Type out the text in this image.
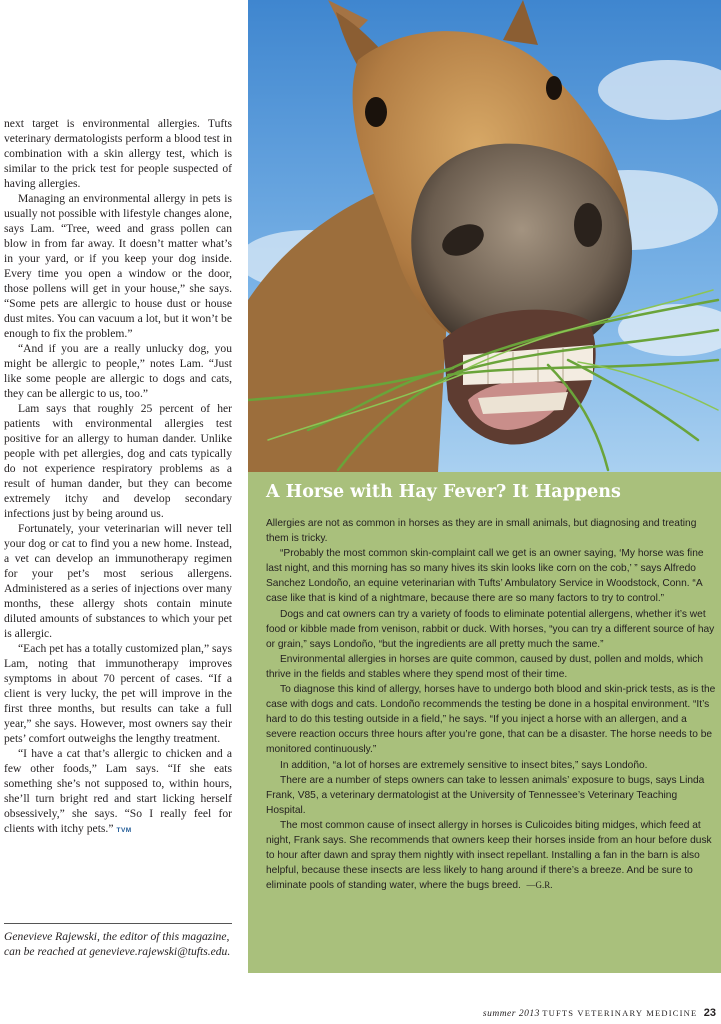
next target is environmental allergies. Tufts veterinary dermatologists perform a blood test in combination with a skin allergy test, which is similar to the prick test for people suspected of having allergies.

Managing an environmental allergy in pets is usually not possible with lifestyle changes alone, says Lam. “Tree, weed and grass pollen can blow in from far away. It doesn’t matter what’s in your yard, or if you keep your dog inside. Every time you open a window or the door, those pollens will get in your house,” she says. “Some pets are allergic to house dust or house dust mites. You can vacuum a lot, but it won’t be enough to fix the problem.”

“And if you are a really unlucky dog, you might be allergic to people,” notes Lam. “Just like some people are allergic to dogs and cats, they can be allergic to us, too.”

Lam says that roughly 25 percent of her patients with environmental allergies test positive for an allergy to human dander. Unlike people with pet allergies, dog and cats typically do not experience respiratory problems as a result of human dander, but they can become extremely itchy and develop secondary infections just by being around us.

Fortunately, your veterinarian will never tell your dog or cat to find you a new home. Instead, a vet can develop an immunotherapy regimen for your pet’s most serious allergens. Administered as a series of injections over many months, these allergy shots contain minute diluted amounts of substances to which your pet is allergic.

“Each pet has a totally customized plan,” says Lam, noting that immunotherapy improves symptoms in about 70 percent of cases. “If a client is very lucky, the pet will improve in the first three months, but results can take a full year,” she says. However, most owners say their pets’ comfort outweighs the lengthy treatment.

“I have a cat that’s allergic to chicken and a few other foods,” Lam says. “If she eats something she’s not supposed to, within hours, she’ll turn bright red and start licking herself obsessively,” she says. “So I really feel for clients with itchy pets.” TVM

Genevieve Rajewski, the editor of this magazine, can be reached at genevieve.rajewski@tufts.edu.
A Horse with Hay Fever? It Happens

Allergies are not as common in horses as they are in small animals, but diagnosing and treating them is tricky.

“Probably the most common skin-complaint call we get is an owner saying, ‘My horse was fine last night, and this morning has so many hives its skin looks like corn on the cob,’ ” says Alfredo Sanchez Londoño, an equine veterinarian with Tufts’ Ambulatory Service in Woodstock, Conn. “A case like that is kind of a nightmare, because there are so many factors to try to control.”

Dogs and cat owners can try a variety of foods to eliminate potential allergens, whether it’s wet food or kibble made from venison, rabbit or duck. With horses, “you can try a different source of hay or grain,” says Londoño, “but the ingredients are all pretty much the same.”

Environmental allergies in horses are quite common, caused by dust, pollen and molds, which thrive in the fields and stables where they spend most of their time.

To diagnose this kind of allergy, horses have to undergo both blood and skin-prick tests, as is the case with dogs and cats. Londoño recommends the testing be done in a hospital environment. “It’s hard to do this testing outside in a field,” he says. “If you inject a horse with an allergen, and a severe reaction occurs three hours after you’re gone, that can be a disaster. The horse needs to be monitored continuously.”

In addition, “a lot of horses are extremely sensitive to insect bites,” says Londoño.

There are a number of steps owners can take to lessen animals’ exposure to bugs, says Linda Frank, V85, a veterinary dermatologist at the University of Tennessee’s Veterinary Teaching Hospital.

The most common cause of insect allergy in horses is Culicoides biting midges, which feed at night, Frank says. She recommends that owners keep their horses inside from an hour before dusk to hour after dawn and spray them nightly with insect repellant. Installing a fan in the barn is also helpful, because these insects are less likely to hang around if there’s a breeze. And be sure to eliminate pools of standing water, where the bugs breed. —G.R.

summer 2013 TUFTS VETERINARY MEDICINE 23
